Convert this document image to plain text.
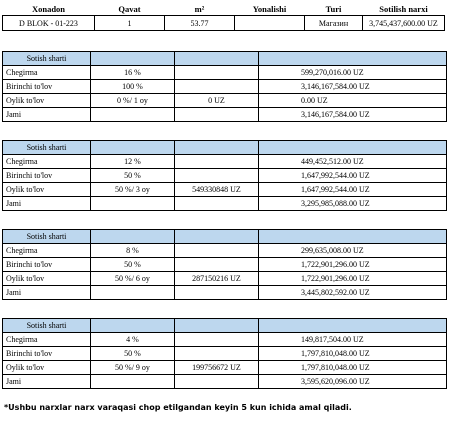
Xonadon	Qavat	m²	Yonalishi	Turi	Sotilish narxi
D BLOK - 01-223	1	53.77		Магазин	3,745,437,600.00 UZ
Sotish sharti			
Chegirma	16 %		599,270,016.00 UZ
Birinchi to'lov	100 %		3,146,167,584.00 UZ
Oylik to'lov	0 %/ 1 oy	0 UZ	0.00 UZ
Jami			3,146,167,584.00 UZ
Sotish sharti			
Chegirma	12 %		449,452,512.00 UZ
Birinchi to'lov	50 %		1,647,992,544.00 UZ
Oylik to'lov	50 %/ 3 oy	549330848 UZ	1,647,992,544.00 UZ
Jami			3,295,985,088.00 UZ
Sotish sharti			
Chegirma	8 %		299,635,008.00 UZ
Birinchi to'lov	50 %		1,722,901,296.00 UZ
Oylik to'lov	50 %/ 6 oy	287150216 UZ	1,722,901,296.00 UZ
Jami			3,445,802,592.00 UZ
Sotish sharti			
Chegirma	4 %		149,817,504.00 UZ
Birinchi to'lov	50 %		1,797,810,048.00 UZ
Oylik to'lov	50 %/ 9 oy	199756672 UZ	1,797,810,048.00 UZ
Jami			3,595,620,096.00 UZ
*Ushbu narxlar narx varaqasi chop etilgandan keyin 5 kun ichida amal qiladi.
